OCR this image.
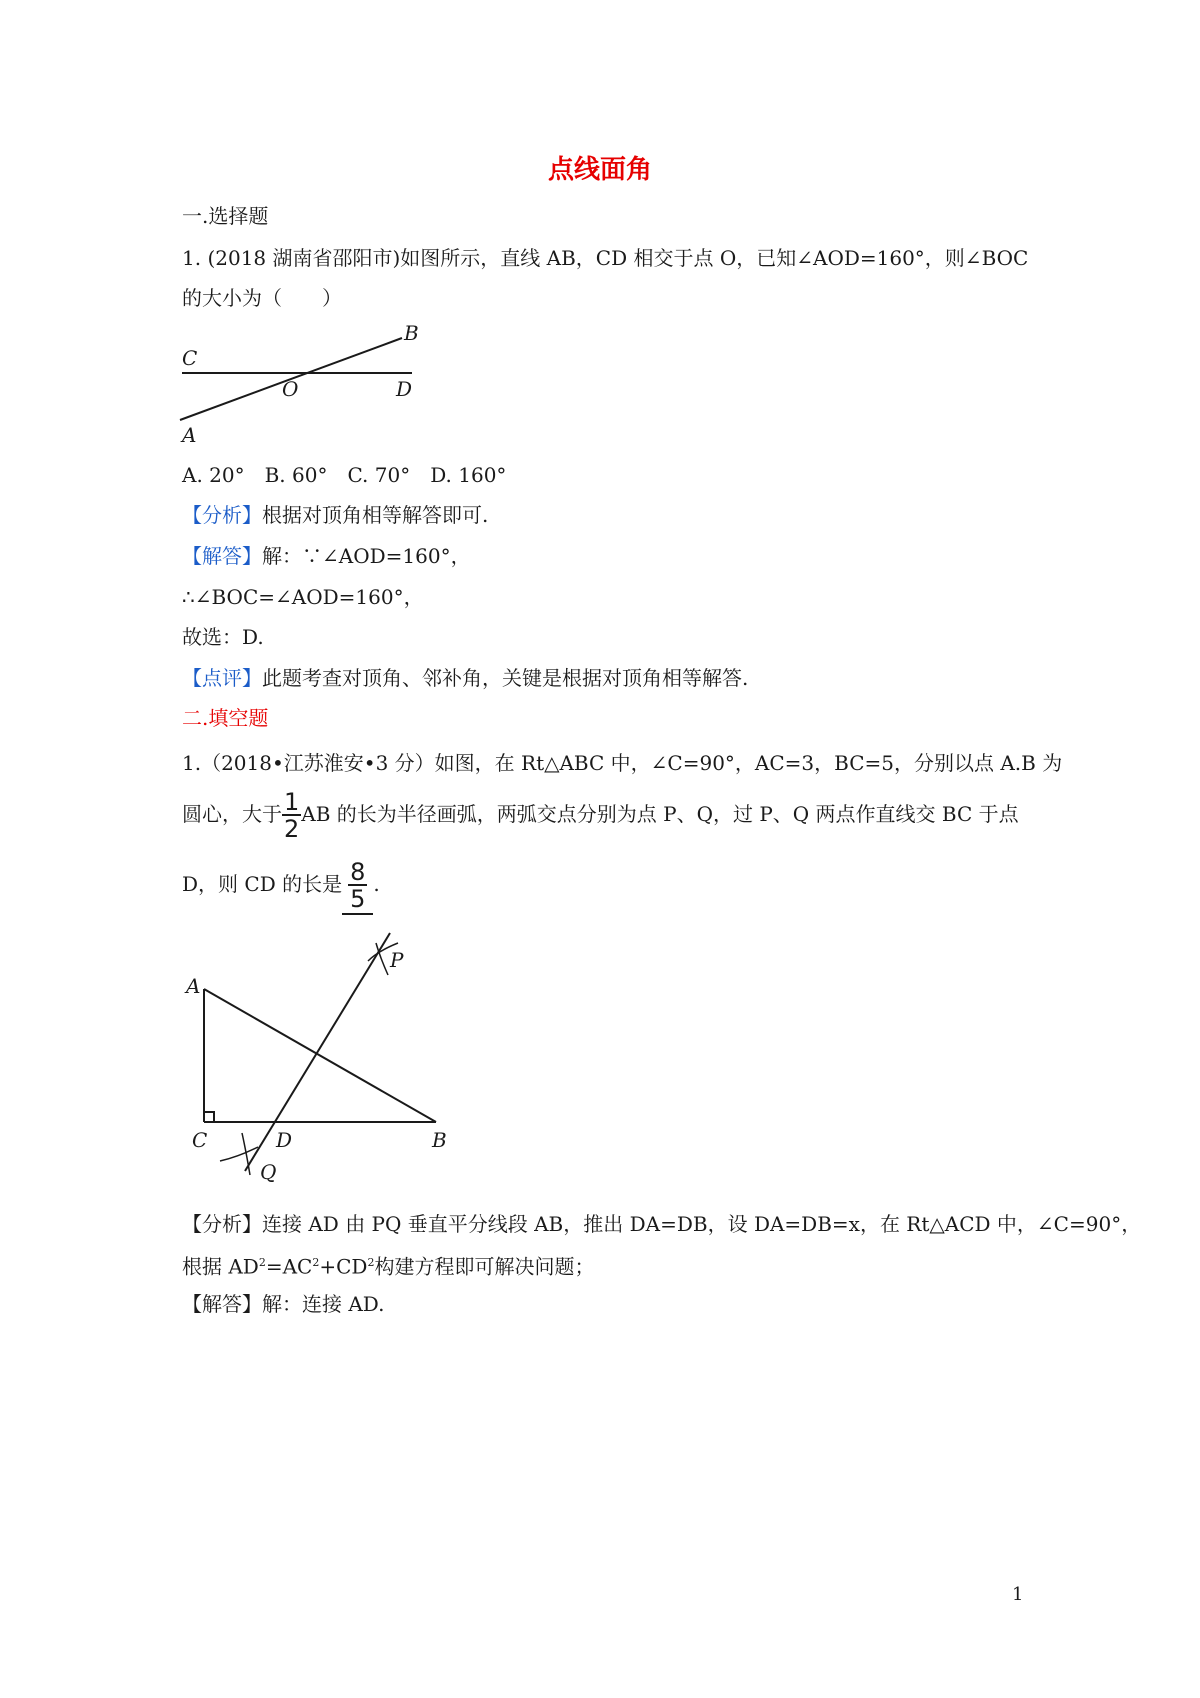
点线面角
一.选择题
1. (2018 湖南省邵阳市)如图所示，直线 AB，CD 相交于点 O，已知∠AOD=160°，则∠BOC
的大小为（　　）
B
C
O	D
A
A. 20°　B. 60°　C. 70°　D. 160°
【分析】根据对顶角相等解答即可.
【解答】解：∵∠AOD=160°，
∴∠BOC=∠AOD=160°，
故选：D.
【点评】此题考查对顶角、邻补角，关键是根据对顶角相等解答.
二.填空题
1.（2018•江苏淮安•3 分）如图，在 Rt△ABC 中，∠C=90°，AC=3，BC=5，分别以点 A.B 为
圆心，大于 $\frac{1}{2}$ AB 的长为半径画弧，两弧交点分别为点 P、Q，过 P、Q 两点作直线交 BC 于点
D，则 CD 的长是 $\frac{8}{5}$ .
P
A
C	D	B
Q
【分析】连接 AD 由 PQ 垂直平分线段 AB，推出 DA=DB，设 DA=DB=x，在 Rt△ACD 中，∠C=90°，
根据 $AD^2=AC^2+CD^2$构建方程即可解决问题；
【解答】解：连接 AD.
1
